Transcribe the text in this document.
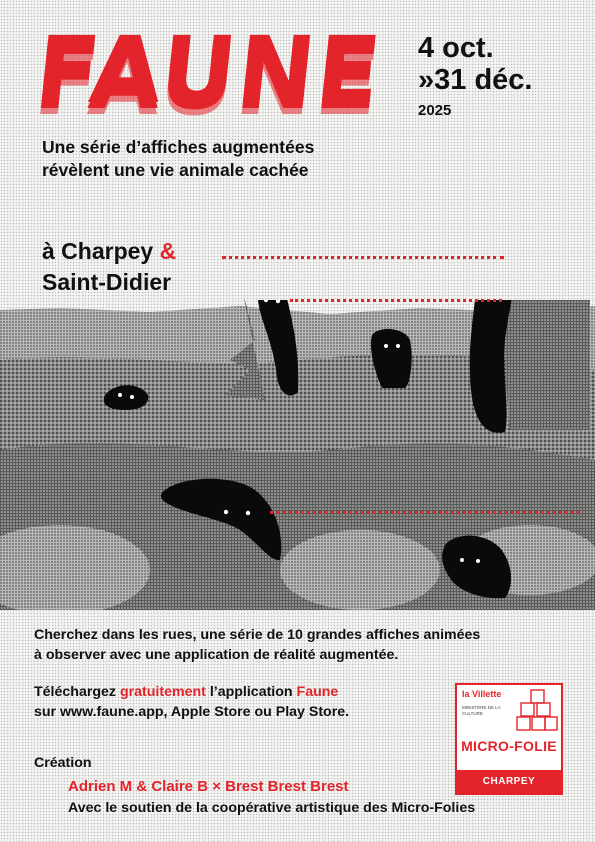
FAUNE 4 oct.
»31 déc.
2025
Une série d’affiches augmentées
révèlent une vie animale cachée
à Charpey &
Saint-Didier
Cherchez dans les rues, une série de 10 grandes affiches animées
à observer avec une application de réalité augmentée.
Téléchargez gratuitement l’application Faune
sur www.faune.app, Apple Store ou Play Store.
Création
Adrien M & Claire B × Brest Brest Brest
Avec le soutien de la coopérative artistique des Micro-Folies
la Villette
MINISTÈRE DE LA CULTURE
MICRO-FOLIE
CHARPEY
